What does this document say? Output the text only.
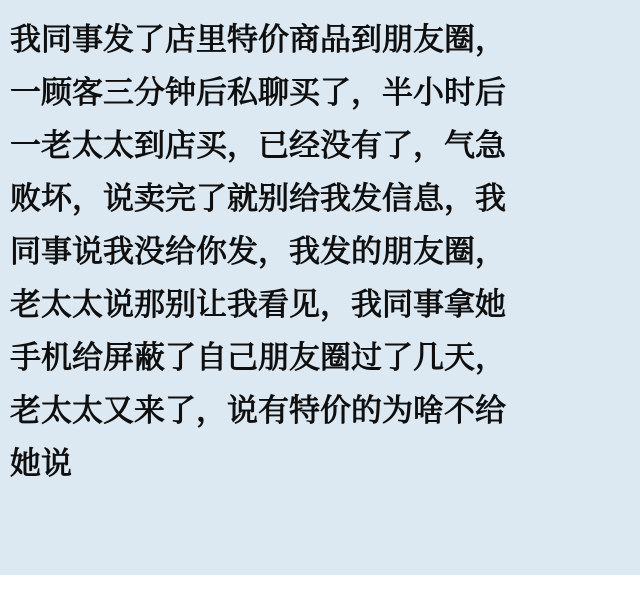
我同事发了店里特价商品到朋友圈，
一顾客三分钟后私聊买了，半小时后
一老太太到店买，已经没有了，气急
败坏，说卖完了就别给我发信息，我
同事说我没给你发，我发的朋友圈，
老太太说那别让我看见，我同事拿她
手机给屏蔽了自己朋友圈过了几天，
老太太又来了，说有特价的为啥不给
她说
